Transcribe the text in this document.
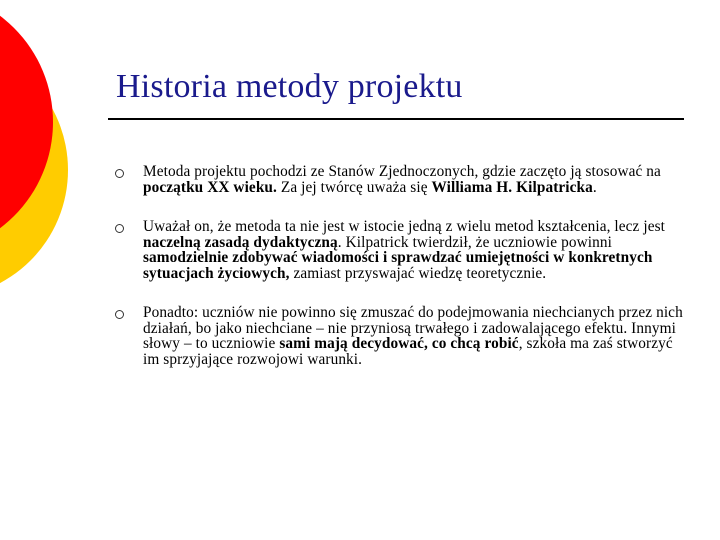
Historia metody projektu
Metoda projektu pochodzi ze Stanów Zjednoczonych, gdzie zaczęto ją stosować na początku XX wieku. Za jej twórcę uważa się Williama H. Kilpatricka.
Uważał on, że metoda ta nie jest w istocie jedną z wielu metod kształcenia, lecz jest naczelną zasadą dydaktyczną. Kilpatrick twierdził, że uczniowie powinni samodzielnie zdobywać wiadomości i sprawdzać umiejętności w konkretnych sytuacjach życiowych, zamiast przyswajać wiedzę teoretycznie.
Ponadto: uczniów nie powinno się zmuszać do podejmowania niechcianych przez nich działań, bo jako niechciane – nie przyniosą trwałego i zadowalającego efektu. Innymi słowy – to uczniowie sami mają decydować, co chcą robić, szkoła ma zaś stworzyć im sprzyjające rozwojowi warunki.
